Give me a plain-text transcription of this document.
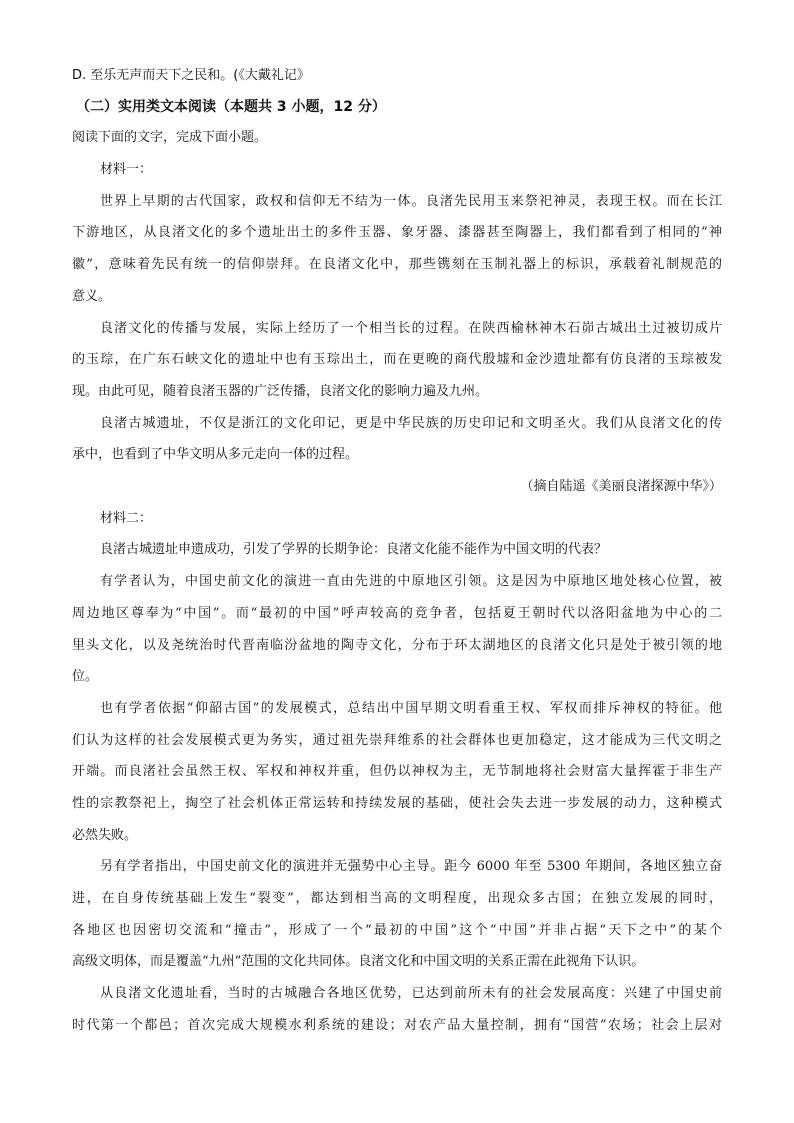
D. 至乐无声而天下之民和。(《大戴礼记》

（二）实用类文本阅读（本题共 3 小题，12 分）

阅读下面的文字，完成下面小题。

材料一：

世界上早期的古代国家，政权和信仰无不结为一体。良渚先民用玉来祭祀神灵，表现王权。而在长江

下游地区，从良渚文化的多个遗址出土的多件玉器、象牙器、漆器甚至陶器上，我们都看到了相同的“神

徽”，意味着先民有统一的信仰崇拜。在良渚文化中，那些镌刻在玉制礼器上的标识，承载着礼制规范的

意义。

良渚文化的传播与发展，实际上经历了一个相当长的过程。在陕西榆林神木石峁古城出土过被切成片

的玉琮，在广东石峡文化的遗址中也有玉琮出土，而在更晚的商代殷墟和金沙遗址都有仿良渚的玉琮被发

现。由此可见，随着良渚玉器的广泛传播，良渚文化的影响力遍及九州。

良渚古城遗址，不仅是浙江的文化印记，更是中华民族的历史印记和文明圣火。我们从良渚文化的传

承中，也看到了中华文明从多元走向一体的过程。

（摘自陆遥《美丽良渚探源中华》）

材料二：

良渚古城遗址申遗成功，引发了学界的长期争论：良渚文化能不能作为中国文明的代表？

有学者认为，中国史前文化的演进一直由先进的中原地区引领。这是因为中原地区地处核心位置，被

周边地区尊奉为“中国”。而“最初的中国”呼声较高的竞争者，包括夏王朝时代以洛阳盆地为中心的二

里头文化，以及尧统治时代晋南临汾盆地的陶寺文化，分布于环太湖地区的良渚文化只是处于被引领的地

位。

也有学者依据“仰韶古国”的发展模式，总结出中国早期文明看重王权、军权而排斥神权的特征。他

们认为这样的社会发展模式更为务实，通过祖先崇拜维系的社会群体也更加稳定，这才能成为三代文明之

开端。而良渚社会虽然王权、军权和神权并重，但仍以神权为主，无节制地将社会财富大量挥霍于非生产

性的宗教祭祀上，掏空了社会机体正常运转和持续发展的基础，使社会失去进一步发展的动力，这种模式

必然失败。

另有学者指出，中国史前文化的演进并无强势中心主导。距今 6000 年至 5300 年期间，各地区独立奋

进，在自身传统基础上发生“裂变”，都达到相当高的文明程度，出现众多古国；在独立发展的同时，

各地区也因密切交流和“撞击”，形成了一个“最初的中国”这个“中国”并非占据“天下之中”的某个

高级文明体，而是覆盖“九州”范围的文化共同体。良渚文化和中国文明的关系正需在此视角下认识。

从良渚文化遗址看，当时的古城融合各地区优势，已达到前所未有的社会发展高度：兴建了中国史前

时代第一个都邑；首次完成大规模水利系统的建设；对农产品大量控制，拥有“国营”农场；社会上层对
